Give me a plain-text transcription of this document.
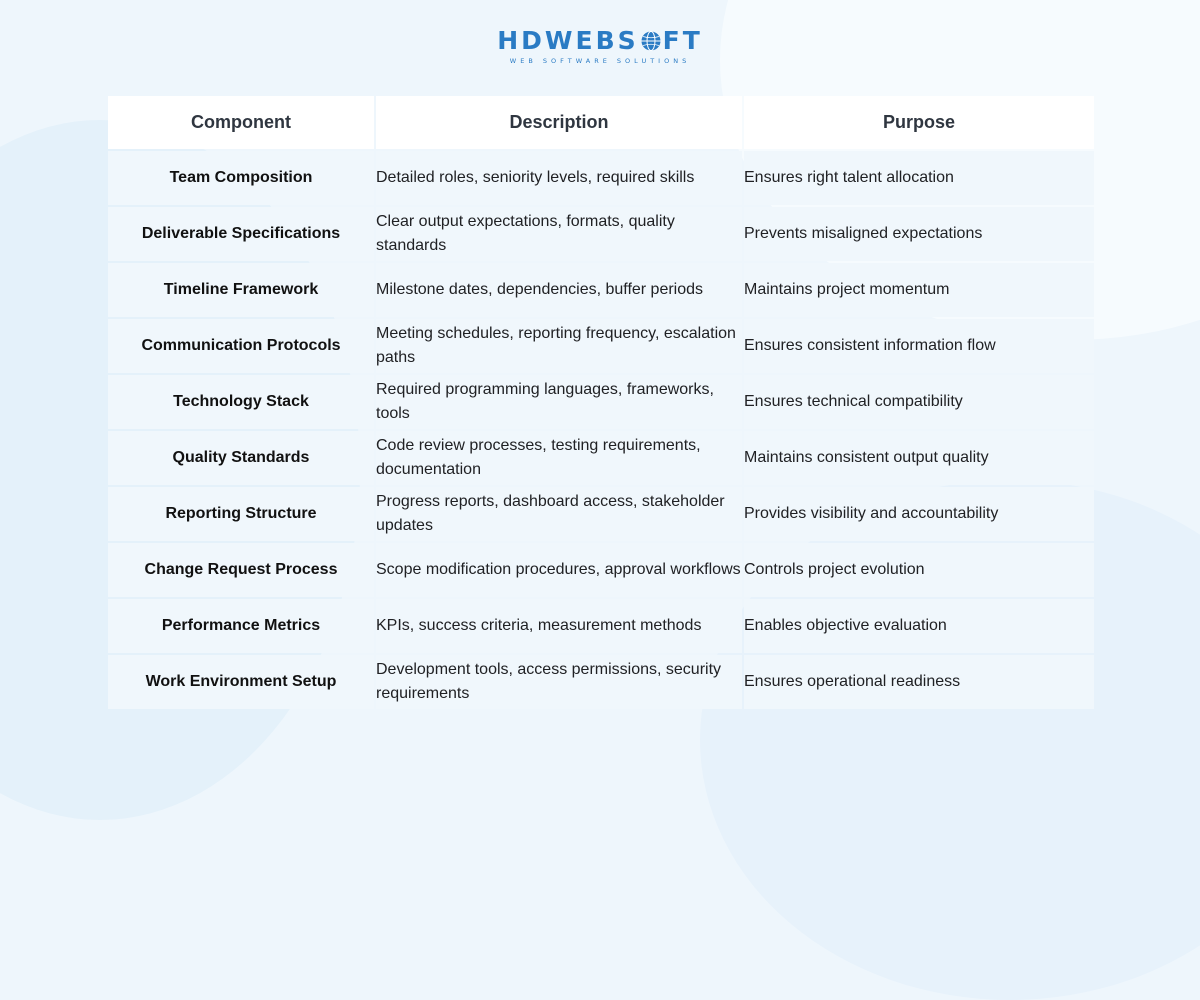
HDWEBS FT
WEB SOFTWARE SOLUTIONS
Component	Description	Purpose
Team Composition	Detailed roles, seniority levels, required skills	Ensures right talent allocation
Deliverable Specifications	Clear output expectations, formats, quality standards	Prevents misaligned expectations
Timeline Framework	Milestone dates, dependencies, buffer periods	Maintains project momentum
Communication Protocols	Meeting schedules, reporting frequency, escalation paths	Ensures consistent information flow
Technology Stack	Required programming languages, frameworks, tools	Ensures technical compatibility
Quality Standards	Code review processes, testing requirements, documentation	Maintains consistent output quality
Reporting Structure	Progress reports, dashboard access, stakeholder updates	Provides visibility and accountability
Change Request Process	Scope modification procedures, approval workflows	Controls project evolution
Performance Metrics	KPIs, success criteria, measurement methods	Enables objective evaluation
Work Environment Setup	Development tools, access permissions, security requirements	Ensures operational readiness
